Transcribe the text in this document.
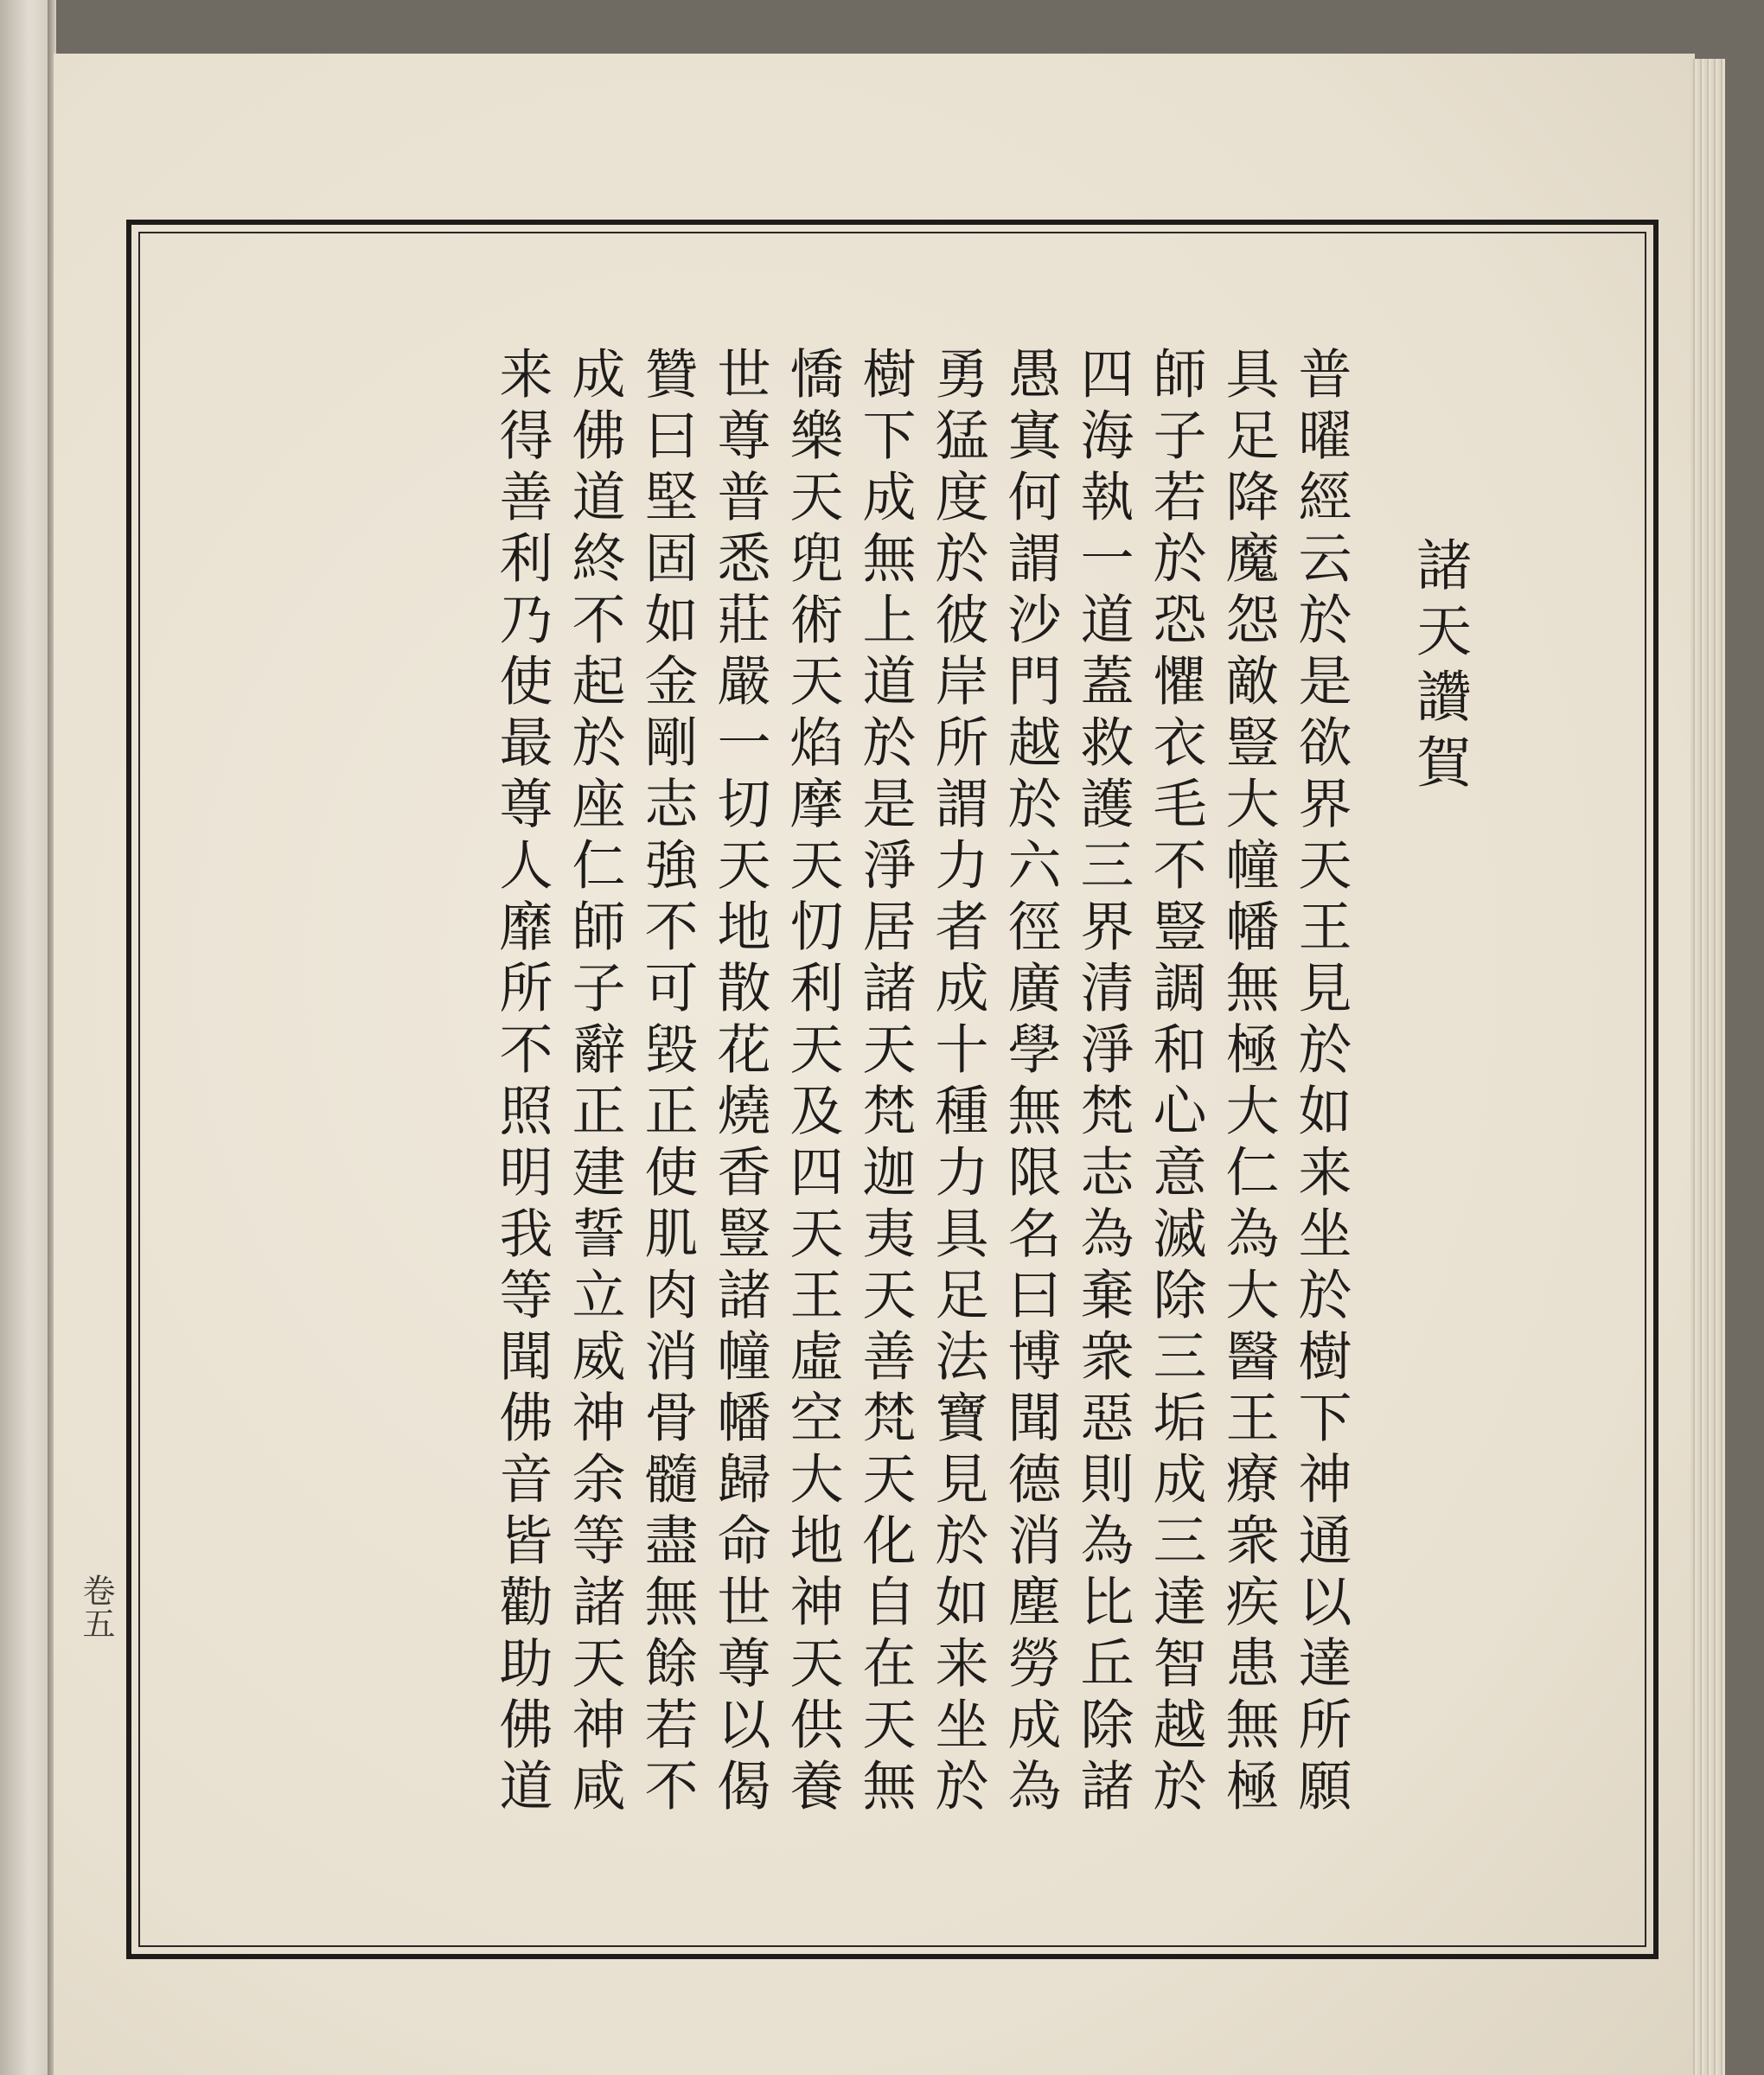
卷五
諸天讚賀
普曜經云於是欲界天王見於如来坐於樹下神通以達所願
具足降魔怨敵豎大幢幡無極大仁為大醫王療衆疾患無極
師子若於恐懼衣毛不豎調和心意滅除三垢成三達智越於
四海執一道蓋救護三界清淨梵志為棄衆惡則為比丘除諸
愚寘何謂沙門越於六徑廣學無限名曰博聞德消塵勞成為
勇猛度於彼岸所謂力者成十種力具足法寶見於如来坐於
樹下成無上道於是淨居諸天梵迦夷天善梵天化自在天無
憍樂天兜術天焰摩天忉利天及四天王虛空大地神天供養
世尊普悉莊嚴一切天地散花燒香豎諸幢幡歸命世尊以偈
贊曰堅固如金剛志強不可毀正使肌肉消骨髓盡無餘若不
成佛道終不起於座仁師子辭正建誓立威神余等諸天神咸
来得善利乃使最尊人靡所不照明我等聞佛音皆勸助佛道
